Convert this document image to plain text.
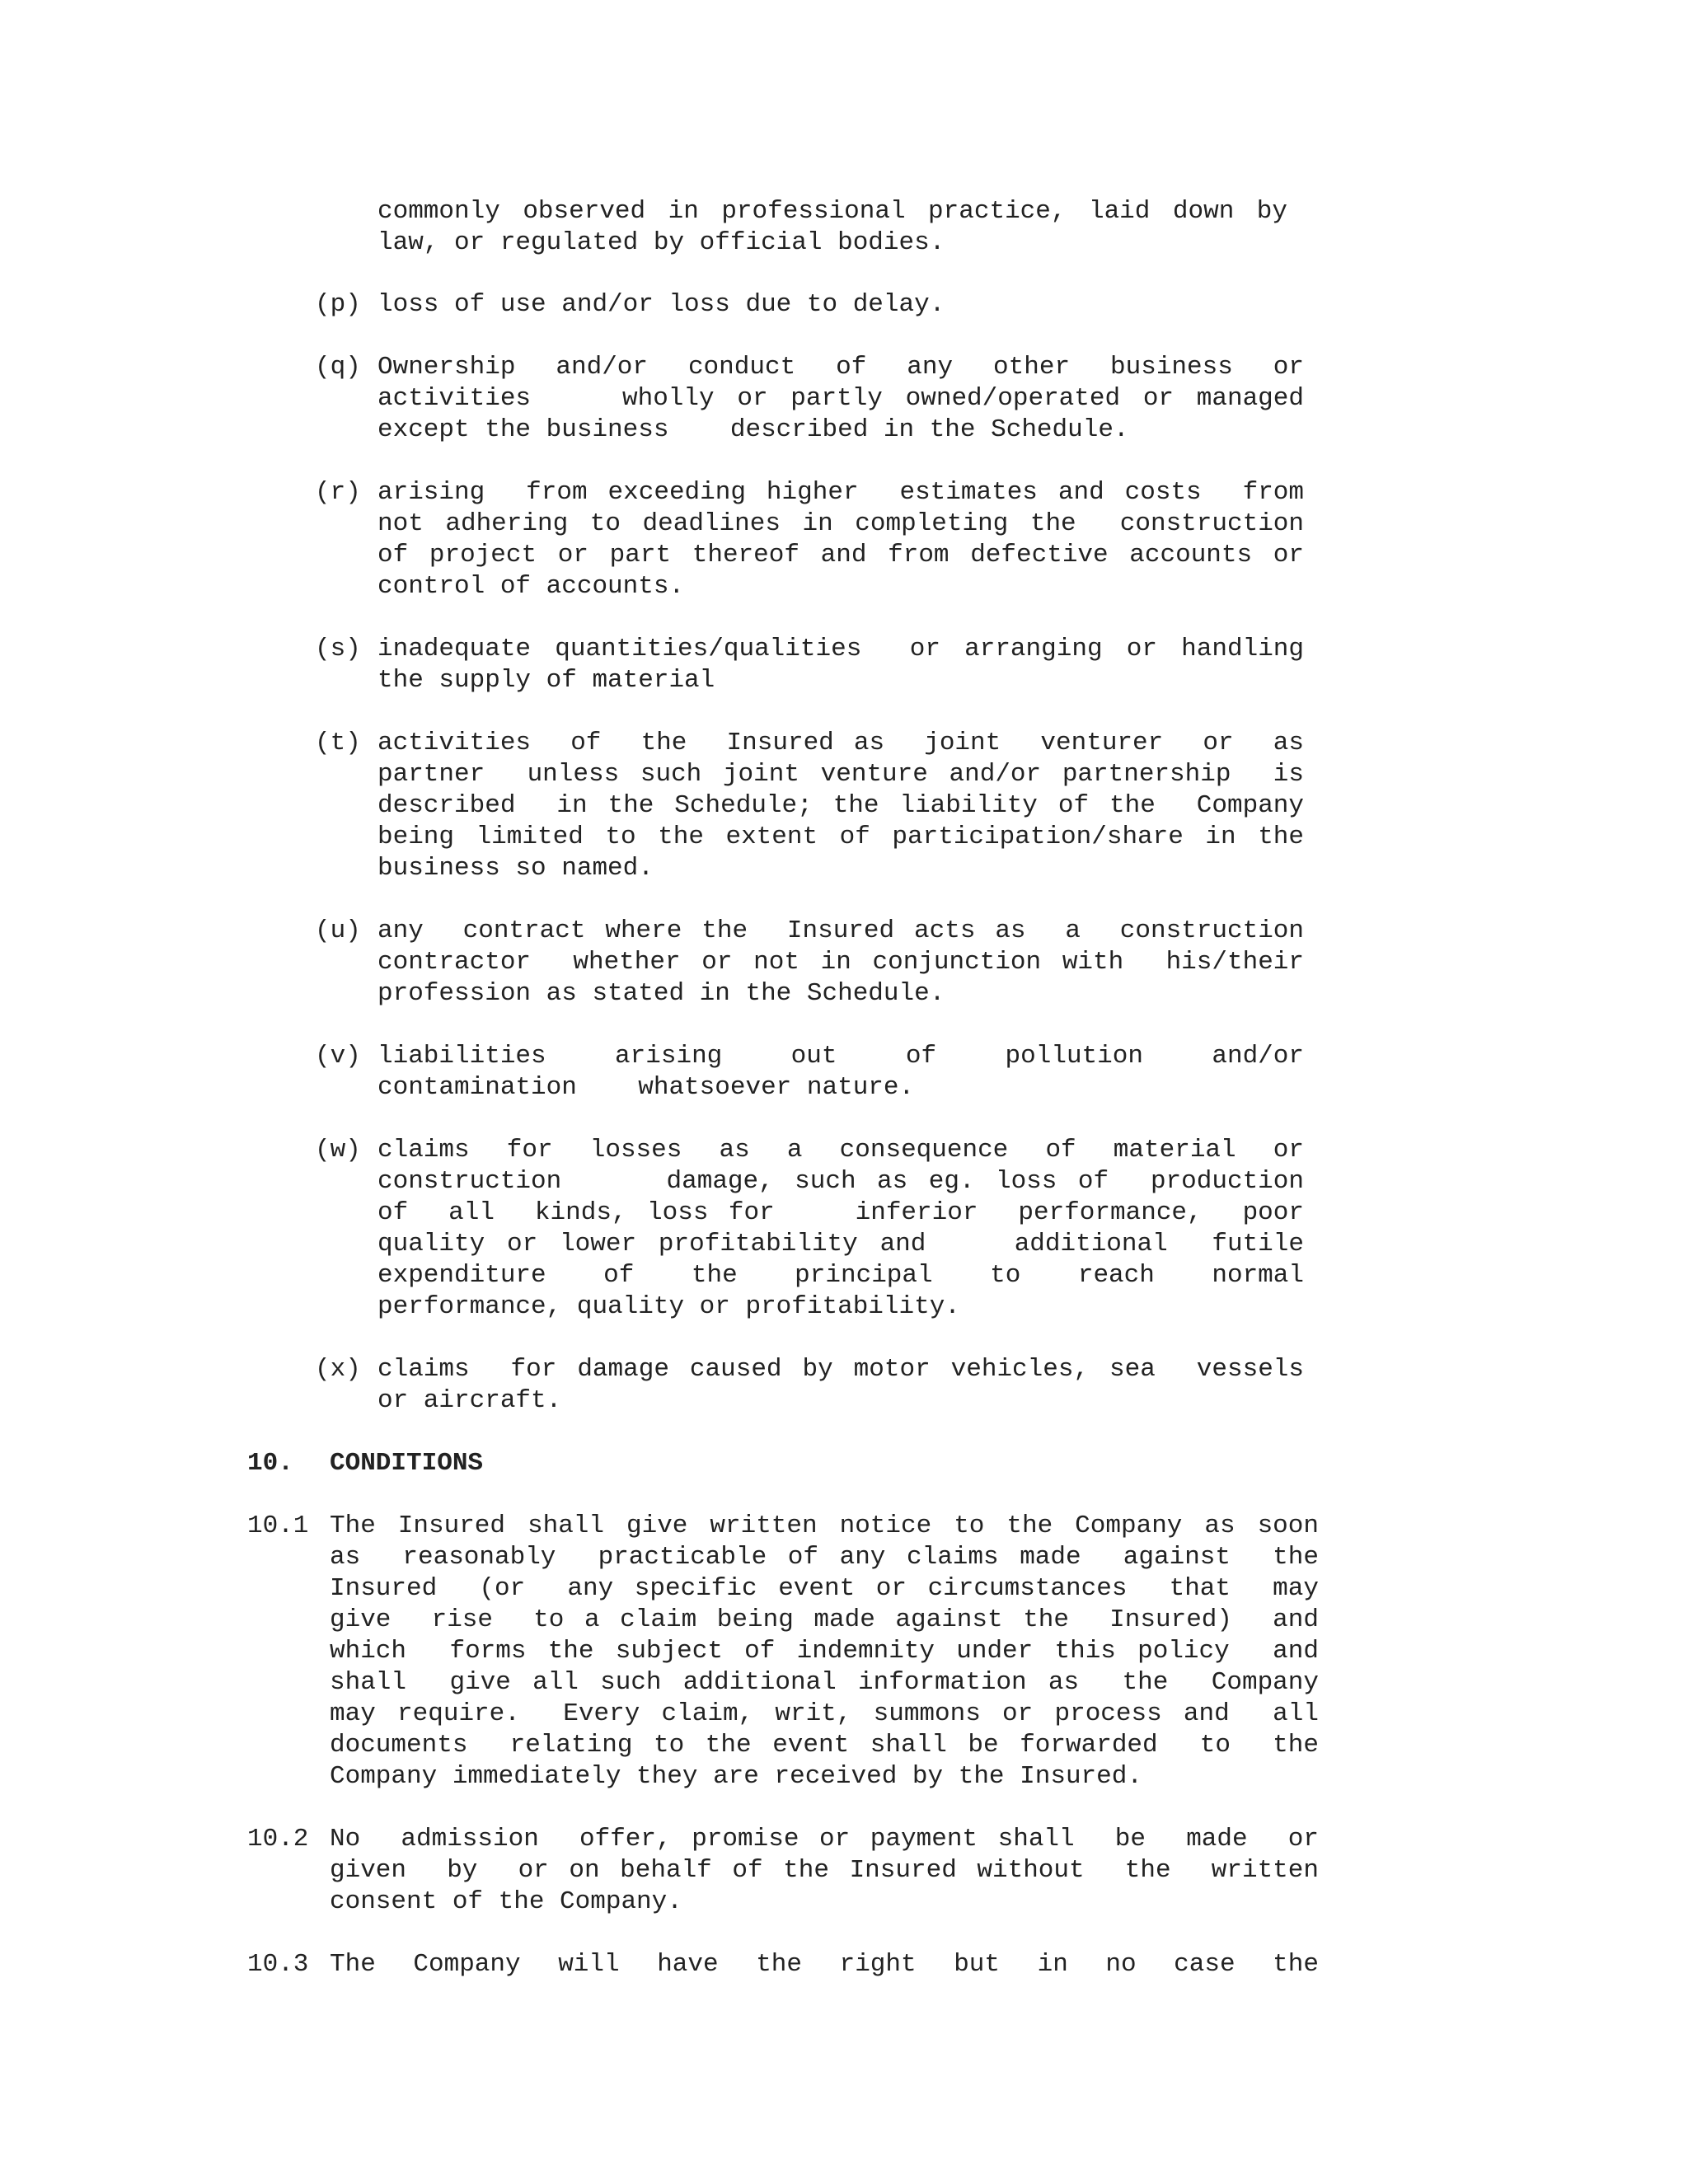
commonly observed in professional practice, laid down by
law, or regulated by official bodies.
(p) loss of use and/or loss due to delay.
(q) Ownership  and/or  conduct  of  any  other  business  or
activities    wholly or partly owned/operated or managed
except the business    described in the Schedule.
(r) arising  from exceeding higher  estimates and costs  from
not adhering to deadlines in completing the  construction
of project or part thereof and from defective accounts or
control of accounts.
(s) inadequate quantities/qualities  or arranging or handling
the supply of material
(t) activities  of  the  Insured as  joint  venturer  or  as
partner  unless such joint venture and/or partnership  is
described  in the Schedule; the liability of the  Company
being limited to the extent of participation/share in the
business so named.
(u) any  contract where the  Insured acts as  a  construction
contractor  whether or not in conjunction with  his/their
profession as stated in the Schedule.
(v) liabilities   arising   out   of   pollution   and/or
contamination    whatsoever nature.
(w) claims  for  losses  as  a  consequence  of  material  or
construction     damage, such as eg. loss of  production
of  all  kinds, loss for    inferior  performance,  poor
quality or lower profitability and    additional  futile
expenditure   of   the   principal   to   reach   normal
performance, quality or profitability.
(x) claims  for damage caused by motor vehicles, sea  vessels
or aircraft.
10. CONDITIONS
10.1 The Insured shall give written notice to the Company as soon
as  reasonably  practicable of any claims made  against  the
Insured  (or  any specific event or circumstances  that  may
give  rise  to a claim being made against the  Insured)  and
which  forms the subject of indemnity under this policy  and
shall  give all such additional information as  the  Company
may require.  Every claim, writ, summons or process and  all
documents  relating to the event shall be forwarded  to  the
Company immediately they are received by the Insured.
10.2 No  admission  offer, promise or payment shall  be  made  or
given  by  or on behalf of the Insured without  the  written
consent of the Company.
10.3 The  Company  will  have  the  right  but  in  no  case  the
